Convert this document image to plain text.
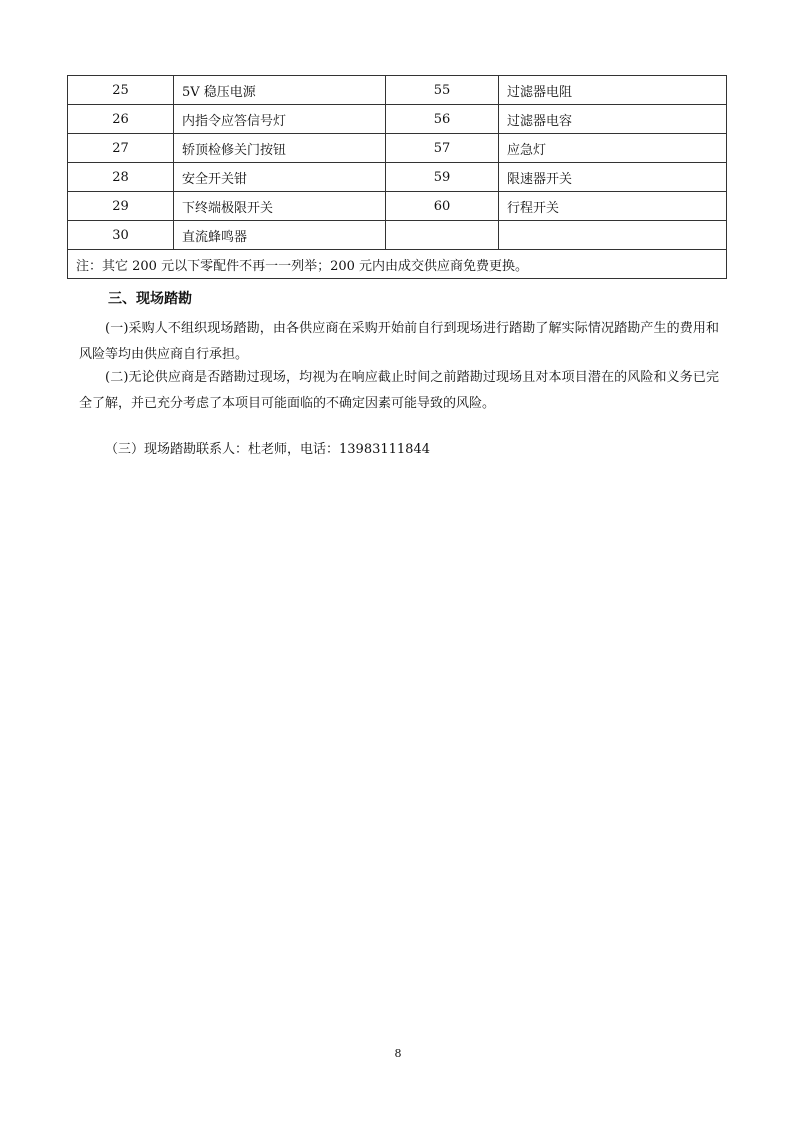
25	5V 稳压电源	55	过滤器电阻
26	内指令应答信号灯	56	过滤器电容
27	轿顶检修关门按钮	57	应急灯
28	安全开关钳	59	限速器开关
29	下终端极限开关	60	行程开关
30	直流蜂鸣器		
注：其它 200 元以下零配件不再一一列举；200 元内由成交供应商免费更换。			
三、现场踏勘

(一)采购人不组织现场踏勘，由各供应商在采购开始前自行到现场进行踏勘了解实际情况踏勘产生的费用和风险等均由供应商自行承担。

(二)无论供应商是否踏勘过现场，均视为在响应截止时间之前踏勘过现场且对本项目潜在的风险和义务已完全了解，并已充分考虑了本项目可能面临的不确定因素可能导致的风险。

（三）现场踏勘联系人：杜老师，电话：13983111844

8
